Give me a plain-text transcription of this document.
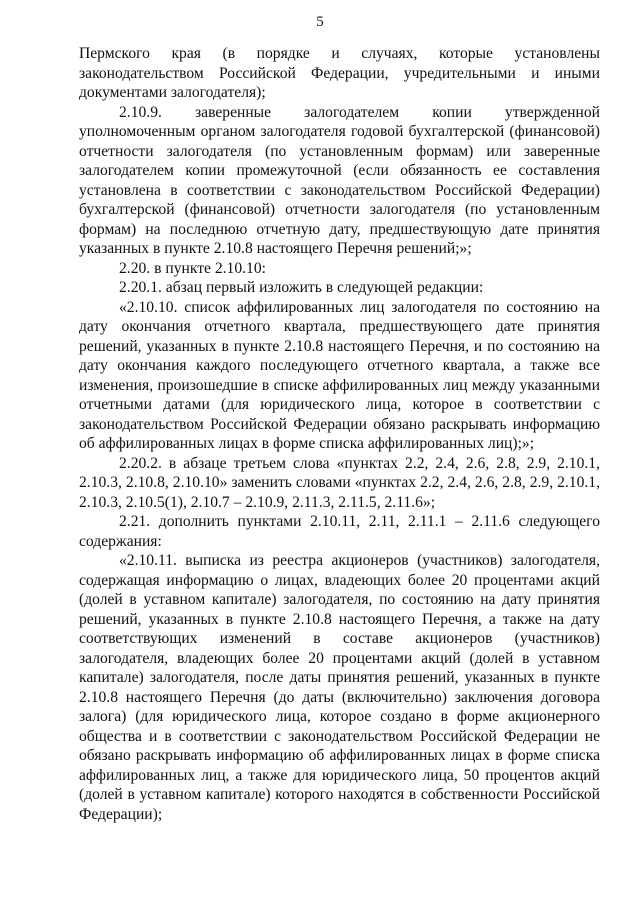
5

Пермского края (в порядке и случаях, которые установлены законодательством Российской Федерации, учредительными и иными документами залогодателя);

2.10.9. заверенные залогодателем копии утвержденной уполномоченным органом залогодателя годовой бухгалтерской (финансовой) отчетности залогодателя (по установленным формам) или заверенные залогодателем копии промежуточной (если обязанность ее составления установлена в соответствии с законодательством Российской Федерации) бухгалтерской (финансовой) отчетности залогодателя (по установленным формам) на последнюю отчетную дату, предшествующую дате принятия указанных в пункте 2.10.8 настоящего Перечня решений;»;

2.20. в пункте 2.10.10:

2.20.1. абзац первый изложить в следующей редакции:

«2.10.10. список аффилированных лиц залогодателя по состоянию на дату окончания отчетного квартала, предшествующего дате принятия решений, указанных в пункте 2.10.8 настоящего Перечня, и по состоянию на дату окончания каждого последующего отчетного квартала, а также все изменения, произошедшие в списке аффилированных лиц между указанными отчетными датами (для юридического лица, которое в соответствии с законодательством Российской Федерации обязано раскрывать информацию об аффилированных лицах в форме списка аффилированных лиц);»;

2.20.2. в абзаце третьем слова «пунктах 2.2, 2.4, 2.6, 2.8, 2.9, 2.10.1, 2.10.3, 2.10.8, 2.10.10» заменить словами «пунктах 2.2, 2.4, 2.6, 2.8, 2.9, 2.10.1, 2.10.3, 2.10.5(1), 2.10.7 – 2.10.9, 2.11.3, 2.11.5, 2.11.6»;

2.21. дополнить пунктами 2.10.11, 2.11, 2.11.1 – 2.11.6 следующего содержания:

«2.10.11. выписка из реестра акционеров (участников) залогодателя, содержащая информацию о лицах, владеющих более 20 процентами акций (долей в уставном капитале) залогодателя, по состоянию на дату принятия решений, указанных в пункте 2.10.8 настоящего Перечня, а также на дату соответствующих изменений в составе акционеров (участников) залогодателя, владеющих более 20 процентами акций (долей в уставном капитале) залогодателя, после даты принятия решений, указанных в пункте 2.10.8 настоящего Перечня (до даты (включительно) заключения договора залога) (для юридического лица, которое создано в форме акционерного общества и в соответствии с законодательством Российской Федерации не обязано раскрывать информацию об аффилированных лицах в форме списка аффилированных лиц, а также для юридического лица, 50 процентов акций (долей в уставном капитале) которого находятся в собственности Российской Федерации);
